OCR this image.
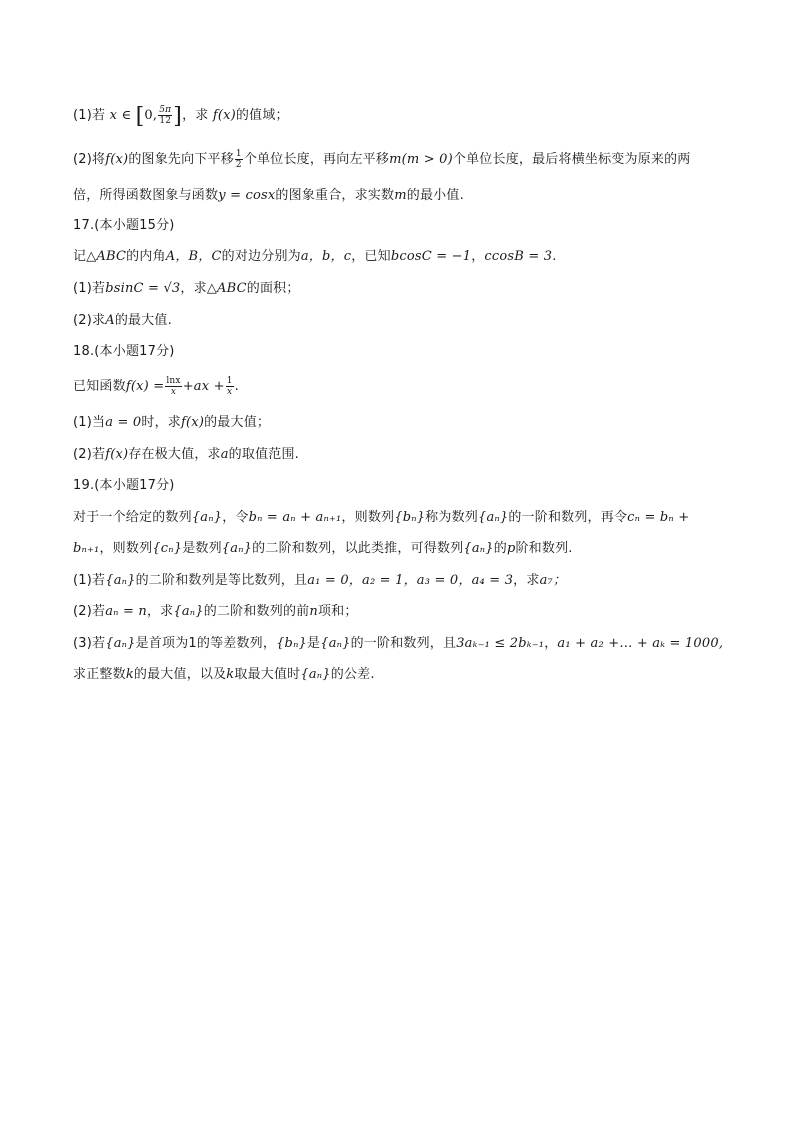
(1)若 x ∈ [0, $\frac{5\pi}{12}$ ]，求 f(x)的值域；
(2)将f(x)的图象先向下平移 $\frac{1}{2}$ 个单位长度，再向左平移m(m > 0)个单位长度，最后将横坐标变为原来的两
倍，所得函数图象与函数y = cosx的图象重合，求实数m的最小值.
17.(本小题15分)
记△ABC的内角A，B，C的对边分别为a，b，c，已知bcosC = −1，ccosB = 3.
(1)若bsinC = √3，求△ABC的面积；
(2)求A的最大值.
18.(本小题17分)
已知函数$f(x) = \frac{\ln x}{x} +ax + \frac{1}{x}$ .
(1)当a = 0时，求f(x)的最大值；
(2)若f(x)存在极大值，求a的取值范围.
19.(本小题17分)
对于一个给定的数列{aₙ}，令bₙ = aₙ + aₙ₊₁，则数列{bₙ}称为数列{aₙ}的一阶和数列，再令cₙ = bₙ +
bₙ₊₁，则数列{cₙ}是数列{aₙ}的二阶和数列，以此类推，可得数列{aₙ}的p阶和数列.
(1)若{aₙ}的二阶和数列是等比数列，且a₁ = 0，a₂ = 1，a₃ = 0，a₄ = 3，求a₇；
(2)若aₙ = n，求{aₙ}的二阶和数列的前n项和；
(3)若{aₙ}是首项为1的等差数列，{bₙ}是{aₙ}的一阶和数列，且3aₖ₋₁ ≤ 2bₖ₋₁，a₁ + a₂ +… + aₖ = 1000,
求正整数k的最大值，以及k取最大值时{aₙ}的公差.
